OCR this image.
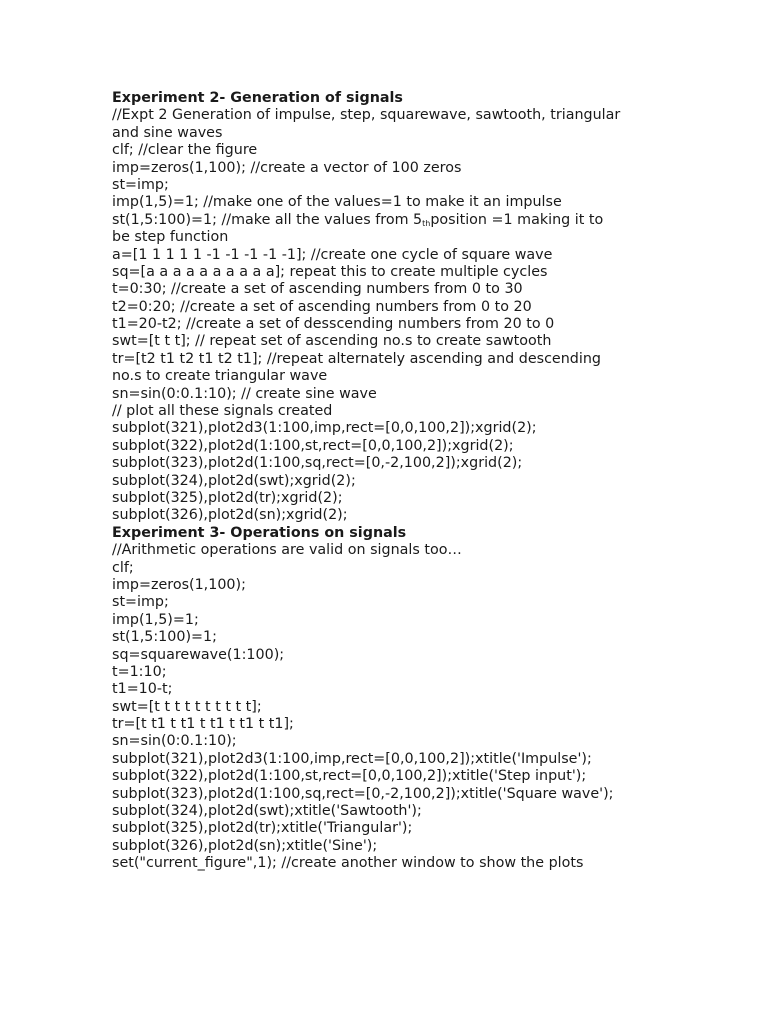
Experiment 2- Generation of signals
//Expt 2 Generation of impulse, step, squarewave, sawtooth, triangular
and sine waves
clf; //clear the figure
imp=zeros(1,100); //create a vector of 100 zeros
st=imp;
imp(1,5)=1; //make one of the values=1 to make it an impulse
st(1,5:100)=1; //make all the values from $5_{th}position =1$ making it to
be step function
a=[1 1 1 1 1 -1 -1 -1 -1 -1]; //create one cycle of square wave
sq=[a a a a a a a a a a]; repeat this to create multiple cycles
t=0:30; //create a set of ascending numbers from 0 to 30
t2=0:20; //create a set of ascending numbers from 0 to 20
t1=20-t2; //create a set of desscending numbers from 20 to 0
swt=[t t t]; // repeat set of ascending no.s to create sawtooth
tr=[t2 t1 t2 t1 t2 t1]; //repeat alternately ascending and descending
no.s to create triangular wave
sn=sin(0:0.1:10); // create sine wave
// plot all these signals created
subplot(321),plot2d3(1:100,imp,rect=[0,0,100,2]);xgrid(2);
subplot(322),plot2d(1:100,st,rect=[0,0,100,2]);xgrid(2);
subplot(323),plot2d(1:100,sq,rect=[0,-2,100,2]);xgrid(2);
subplot(324),plot2d(swt);xgrid(2);
subplot(325),plot2d(tr);xgrid(2);
subplot(326),plot2d(sn);xgrid(2);
Experiment 3- Operations on signals
//Arithmetic operations are valid on signals too…
clf;
imp=zeros(1,100);
st=imp;
imp(1,5)=1;
st(1,5:100)=1;
sq=squarewave(1:100);
t=1:10;
t1=10-t;
swt=[t t t t t t t t t t];
tr=[t t1 t t1 t t1 t t1 t t1];
sn=sin(0:0.1:10);
subplot(321),plot2d3(1:100,imp,rect=[0,0,100,2]);xtitle('Impulse');
subplot(322),plot2d(1:100,st,rect=[0,0,100,2]);xtitle('Step input');
subplot(323),plot2d(1:100,sq,rect=[0,-2,100,2]);xtitle('Square wave');
subplot(324),plot2d(swt);xtitle('Sawtooth');
subplot(325),plot2d(tr);xtitle('Triangular');
subplot(326),plot2d(sn);xtitle('Sine');
set("current_figure",1); //create another window to show the plots
